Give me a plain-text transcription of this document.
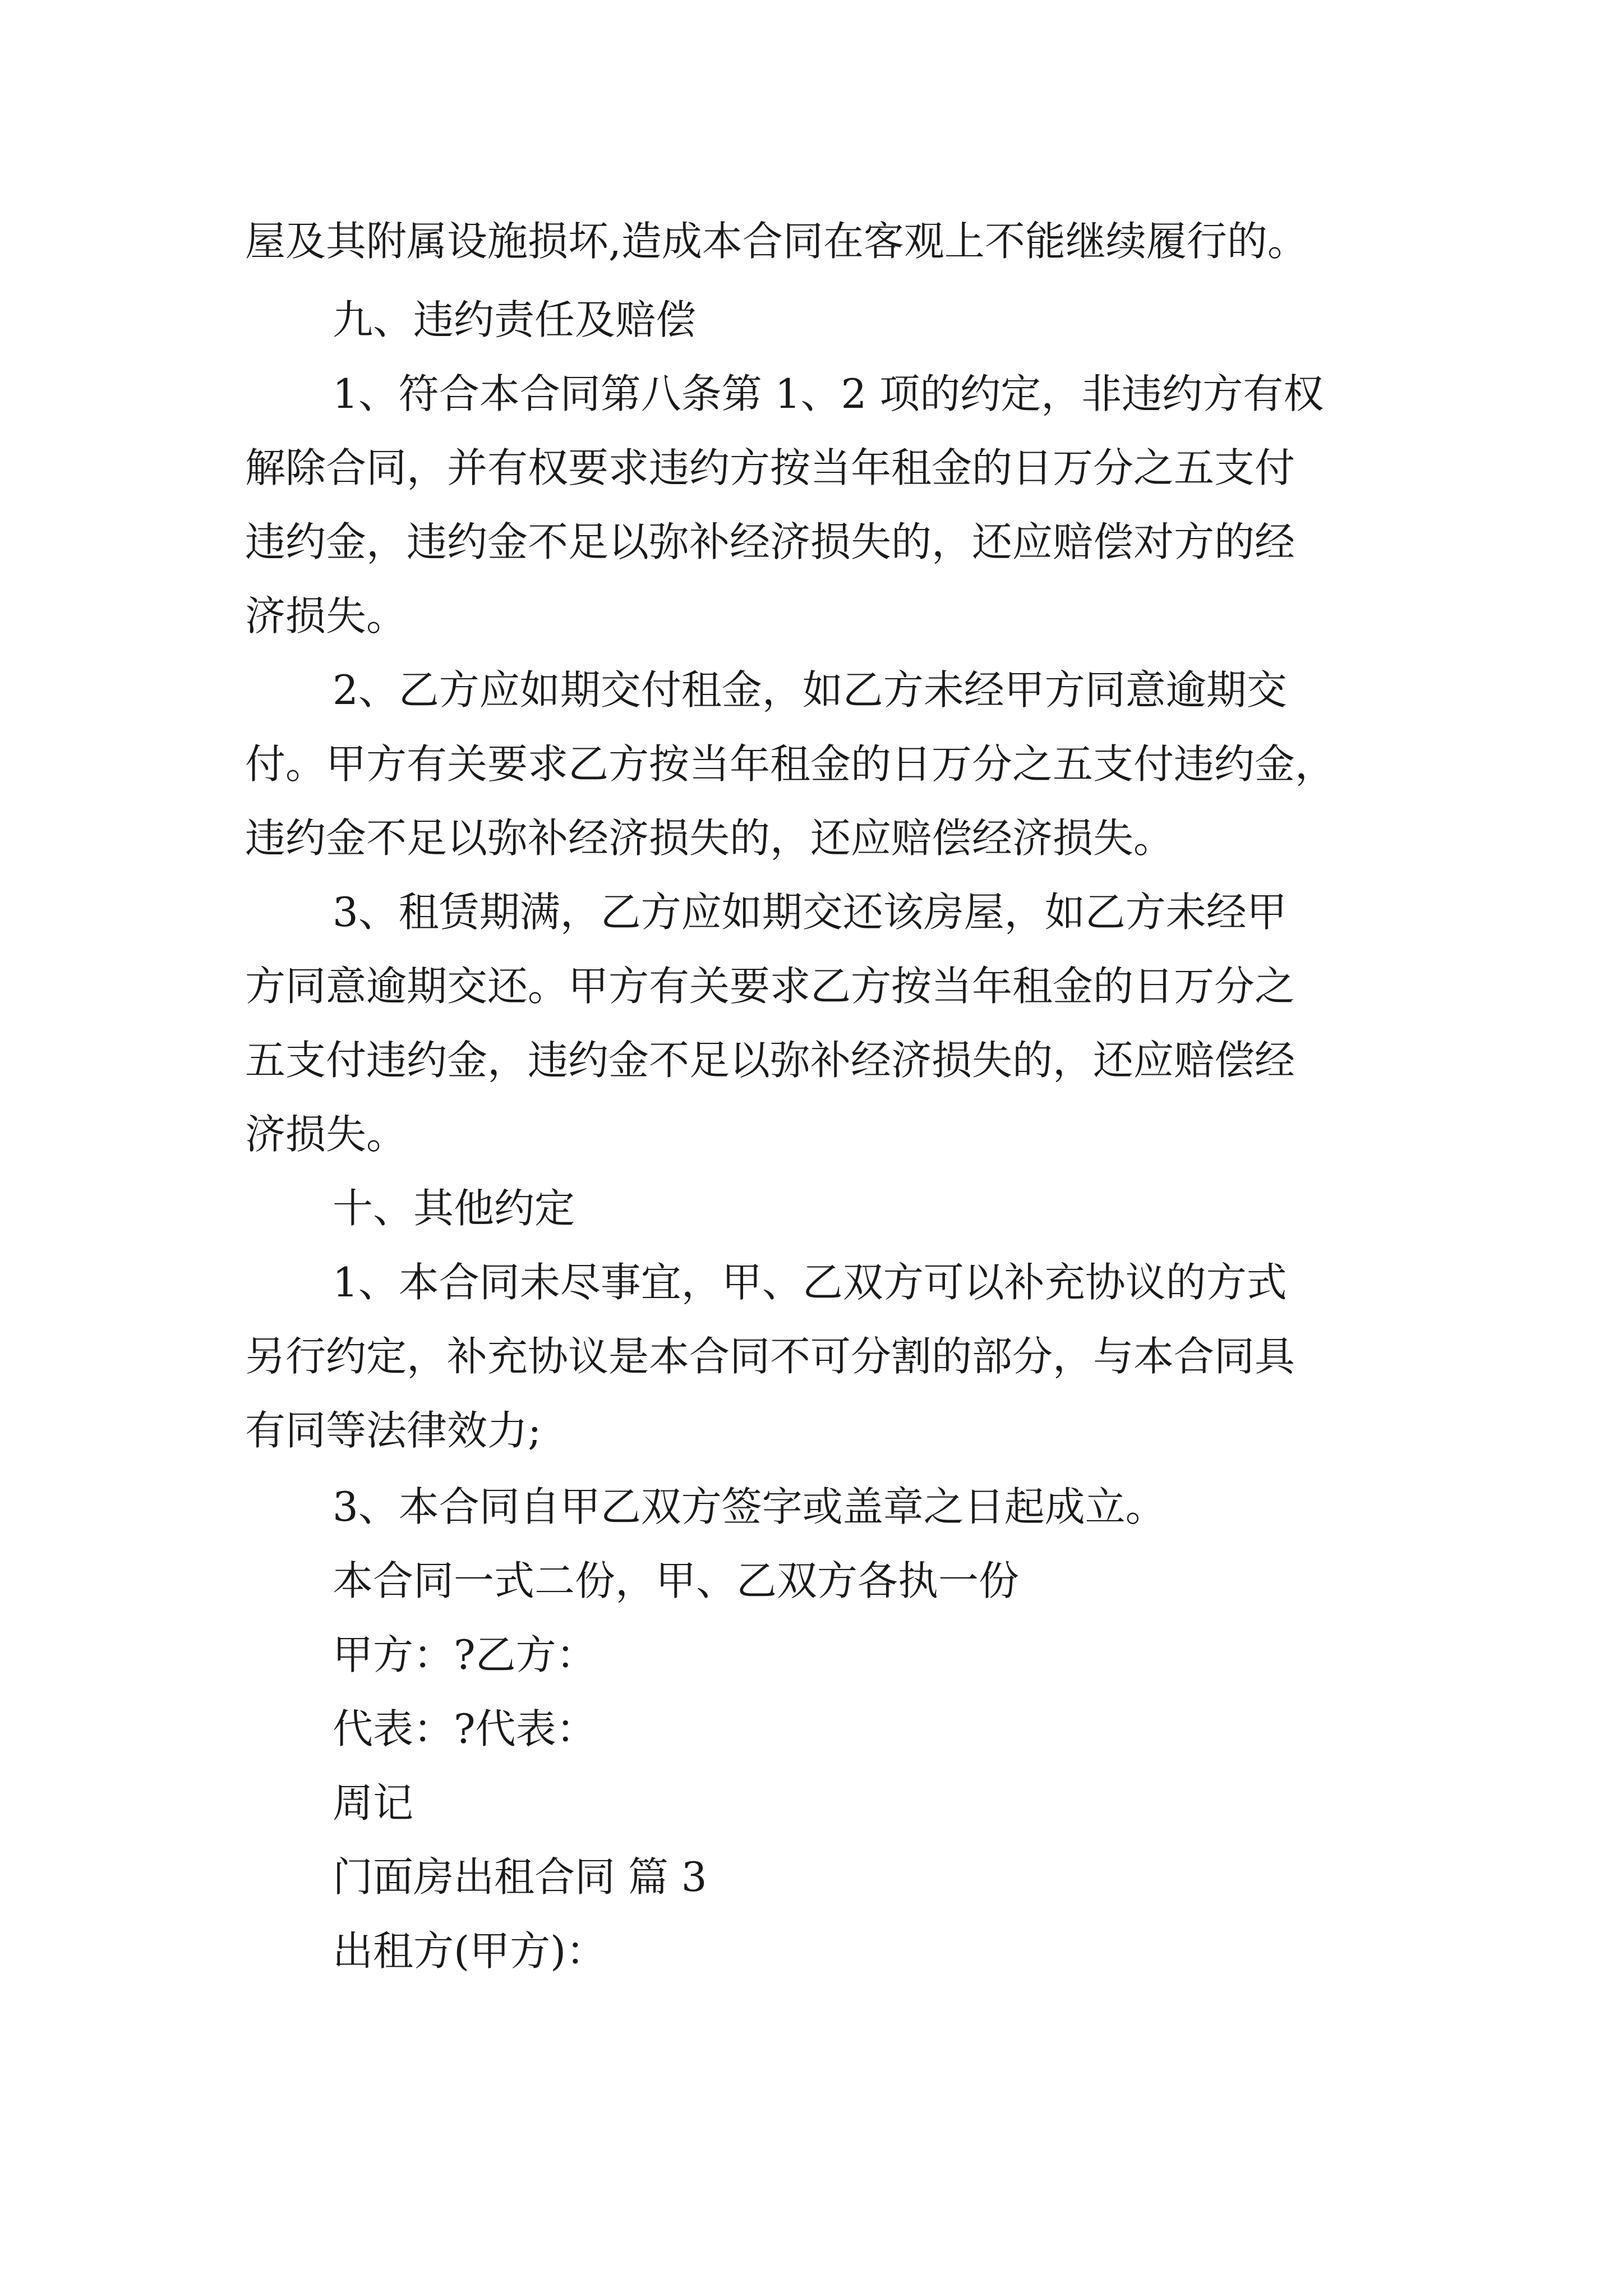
屋及其附属设施损坏,造成本合同在客观上不能继续履行的。

九、违约责任及赔偿

1、符合本合同第八条第 1、2 项的约定，非违约方有权

解除合同，并有权要求违约方按当年租金的日万分之五支付

违约金，违约金不足以弥补经济损失的，还应赔偿对方的经

济损失。

2、乙方应如期交付租金，如乙方未经甲方同意逾期交

付。甲方有关要求乙方按当年租金的日万分之五支付违约金，

违约金不足以弥补经济损失的，还应赔偿经济损失。

3、租赁期满，乙方应如期交还该房屋，如乙方未经甲

方同意逾期交还。甲方有关要求乙方按当年租金的日万分之

五支付违约金，违约金不足以弥补经济损失的，还应赔偿经

济损失。

十、其他约定

1、本合同未尽事宜，甲、乙双方可以补充协议的方式

另行约定，补充协议是本合同不可分割的部分，与本合同具

有同等法律效力;

3、本合同自甲乙双方签字或盖章之日起成立。

本合同一式二份，甲、乙双方各执一份

甲方：?乙方：

代表：?代表：

周记

门面房出租合同 篇 3

出租方(甲方)：
